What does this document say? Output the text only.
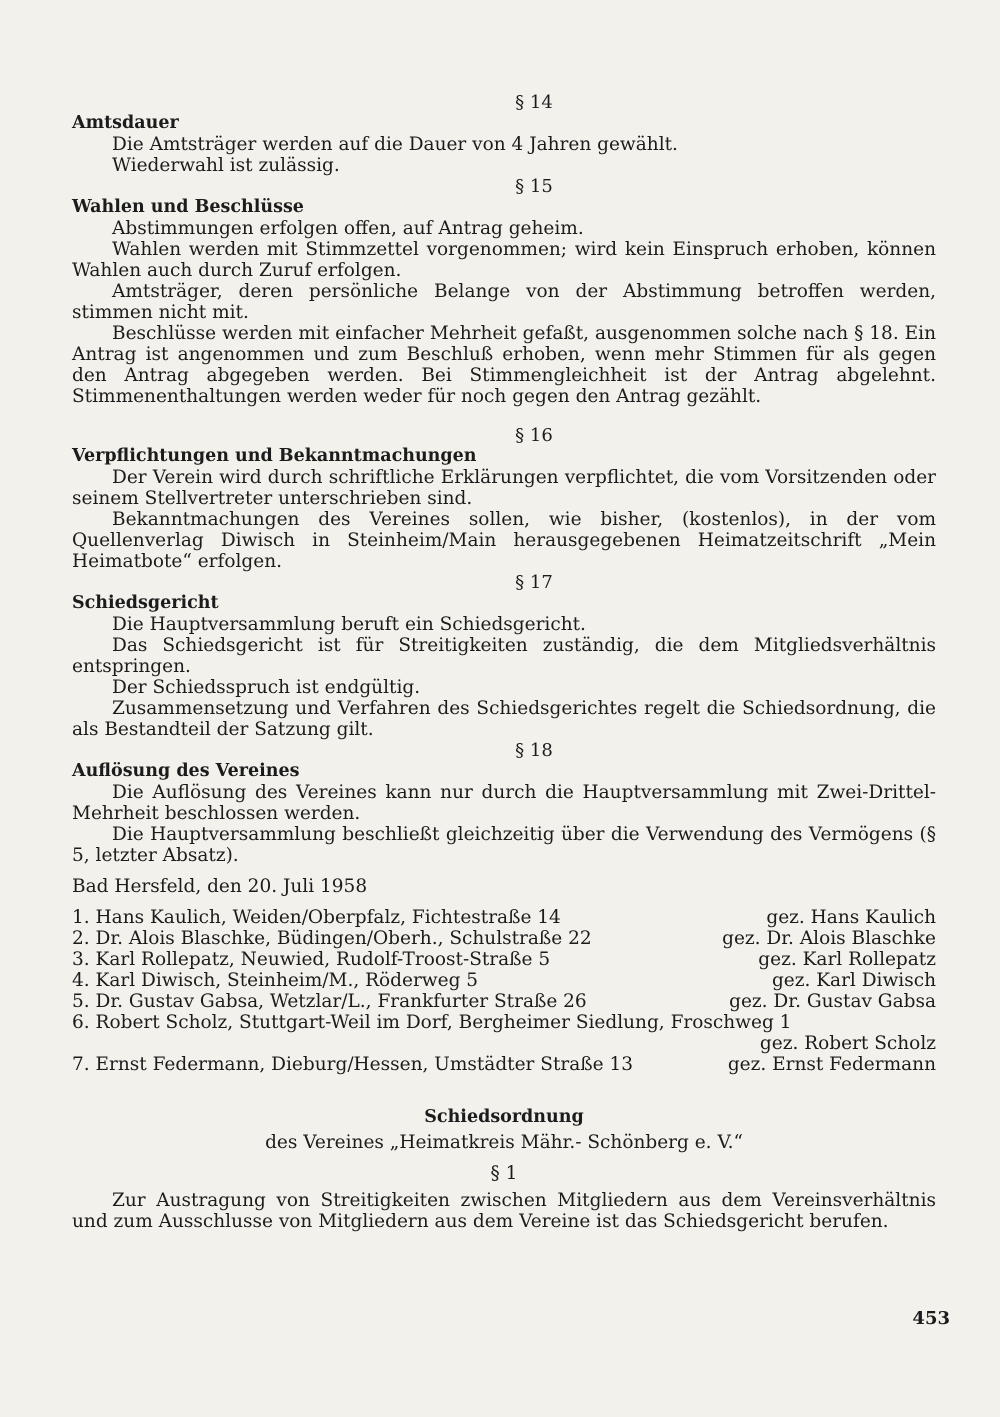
§ 14
Amtsdauer

Die Amtsträger werden auf die Dauer von 4 Jahren gewählt.

Wiederwahl ist zulässig.

§ 15
Wahlen und Beschlüsse

Abstimmungen erfolgen offen, auf Antrag geheim.

Wahlen werden mit Stimmzettel vorgenommen; wird kein Einspruch erhoben, können Wahlen auch durch Zuruf erfolgen.

Amtsträger, deren persönliche Belange von der Abstimmung betroffen werden, stimmen nicht mit.

Beschlüsse werden mit einfacher Mehrheit gefaßt, ausgenommen solche nach § 18. Ein Antrag ist angenommen und zum Beschluß erhoben, wenn mehr Stimmen für als gegen den Antrag abgegeben werden. Bei Stimmengleichheit ist der Antrag abgelehnt. Stimmenenthaltungen werden weder für noch gegen den Antrag gezählt.

§ 16
Verpflichtungen und Bekanntmachungen

Der Verein wird durch schriftliche Erklärungen verpflichtet, die vom Vorsitzenden oder seinem Stellvertreter unterschrieben sind.

Bekanntmachungen des Vereines sollen, wie bisher, (kostenlos), in der vom Quellenverlag Diwisch in Steinheim/Main herausgegebenen Heimatzeitschrift „Mein Heimatbote“ erfolgen.

§ 17
Schiedsgericht

Die Hauptversammlung beruft ein Schiedsgericht.

Das Schiedsgericht ist für Streitigkeiten zuständig, die dem Mitgliedsverhältnis entspringen.

Der Schiedsspruch ist endgültig.

Zusammensetzung und Verfahren des Schiedsgerichtes regelt die Schiedsordnung, die als Bestandteil der Satzung gilt.

§ 18
Auflösung des Vereines

Die Auflösung des Vereines kann nur durch die Hauptversammlung mit Zwei-Drittel-Mehrheit beschlossen werden.

Die Hauptversammlung beschließt gleichzeitig über die Verwendung des Vermögens (§ 5, letzter Absatz).

Bad Hersfeld, den 20. Juli 1958
1. Hans Kaulich, Weiden/Oberpfalz, Fichtestraße 14	gez. Hans Kaulich
2. Dr. Alois Blaschke, Büdingen/Oberh., Schulstraße 22	gez. Dr. Alois Blaschke
3. Karl Rollepatz, Neuwied, Rudolf-Troost-Straße 5	gez. Karl Rollepatz
4. Karl Diwisch, Steinheim/M., Röderweg 5	gez. Karl Diwisch
5. Dr. Gustav Gabsa, Wetzlar/L., Frankfurter Straße 26	gez. Dr. Gustav Gabsa
6. Robert Scholz, Stuttgart-Weil im Dorf, Bergheimer Siedlung, Froschweg 1
gez. Robert Scholz
7. Ernst Federmann, Dieburg/Hessen, Umstädter Straße 13	gez. Ernst Federmann
Schiedsordnung
des Vereines „Heimatkreis Mähr.- Schönberg e. V.“
§ 1

Zur Austragung von Streitigkeiten zwischen Mitgliedern aus dem Vereinsverhältnis und zum Ausschlusse von Mitgliedern aus dem Vereine ist das Schiedsgericht berufen.

453
